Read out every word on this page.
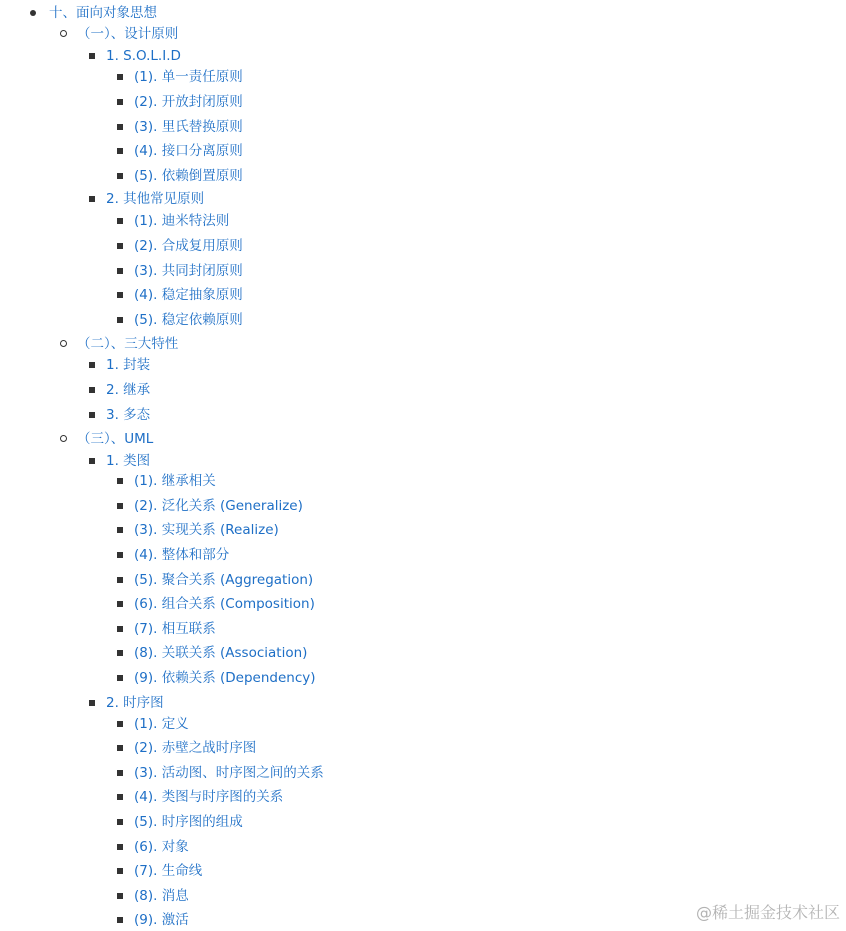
十、面向对象思想
（一）、设计原则
1. S.O.L.I.D
(1). 单一责任原则
(2). 开放封闭原则
(3). 里氏替换原则
(4). 接口分离原则
(5). 依赖倒置原则
2. 其他常见原则
(1). 迪米特法则
(2). 合成复用原则
(3). 共同封闭原则
(4). 稳定抽象原则
(5). 稳定依赖原则
（二）、三大特性
1. 封装
2. 继承
3. 多态
（三）、UML
1. 类图
(1). 继承相关
(2). 泛化关系 (Generalize)
(3). 实现关系 (Realize)
(4). 整体和部分
(5). 聚合关系 (Aggregation)
(6). 组合关系 (Composition)
(7). 相互联系
(8). 关联关系 (Association)
(9). 依赖关系 (Dependency)
2. 时序图
(1). 定义
(2). 赤壁之战时序图
(3). 活动图、时序图之间的关系
(4). 类图与时序图的关系
(5). 时序图的组成
(6). 对象
(7). 生命线
(8). 消息
(9). 激活	@稀土掘金技术社区
